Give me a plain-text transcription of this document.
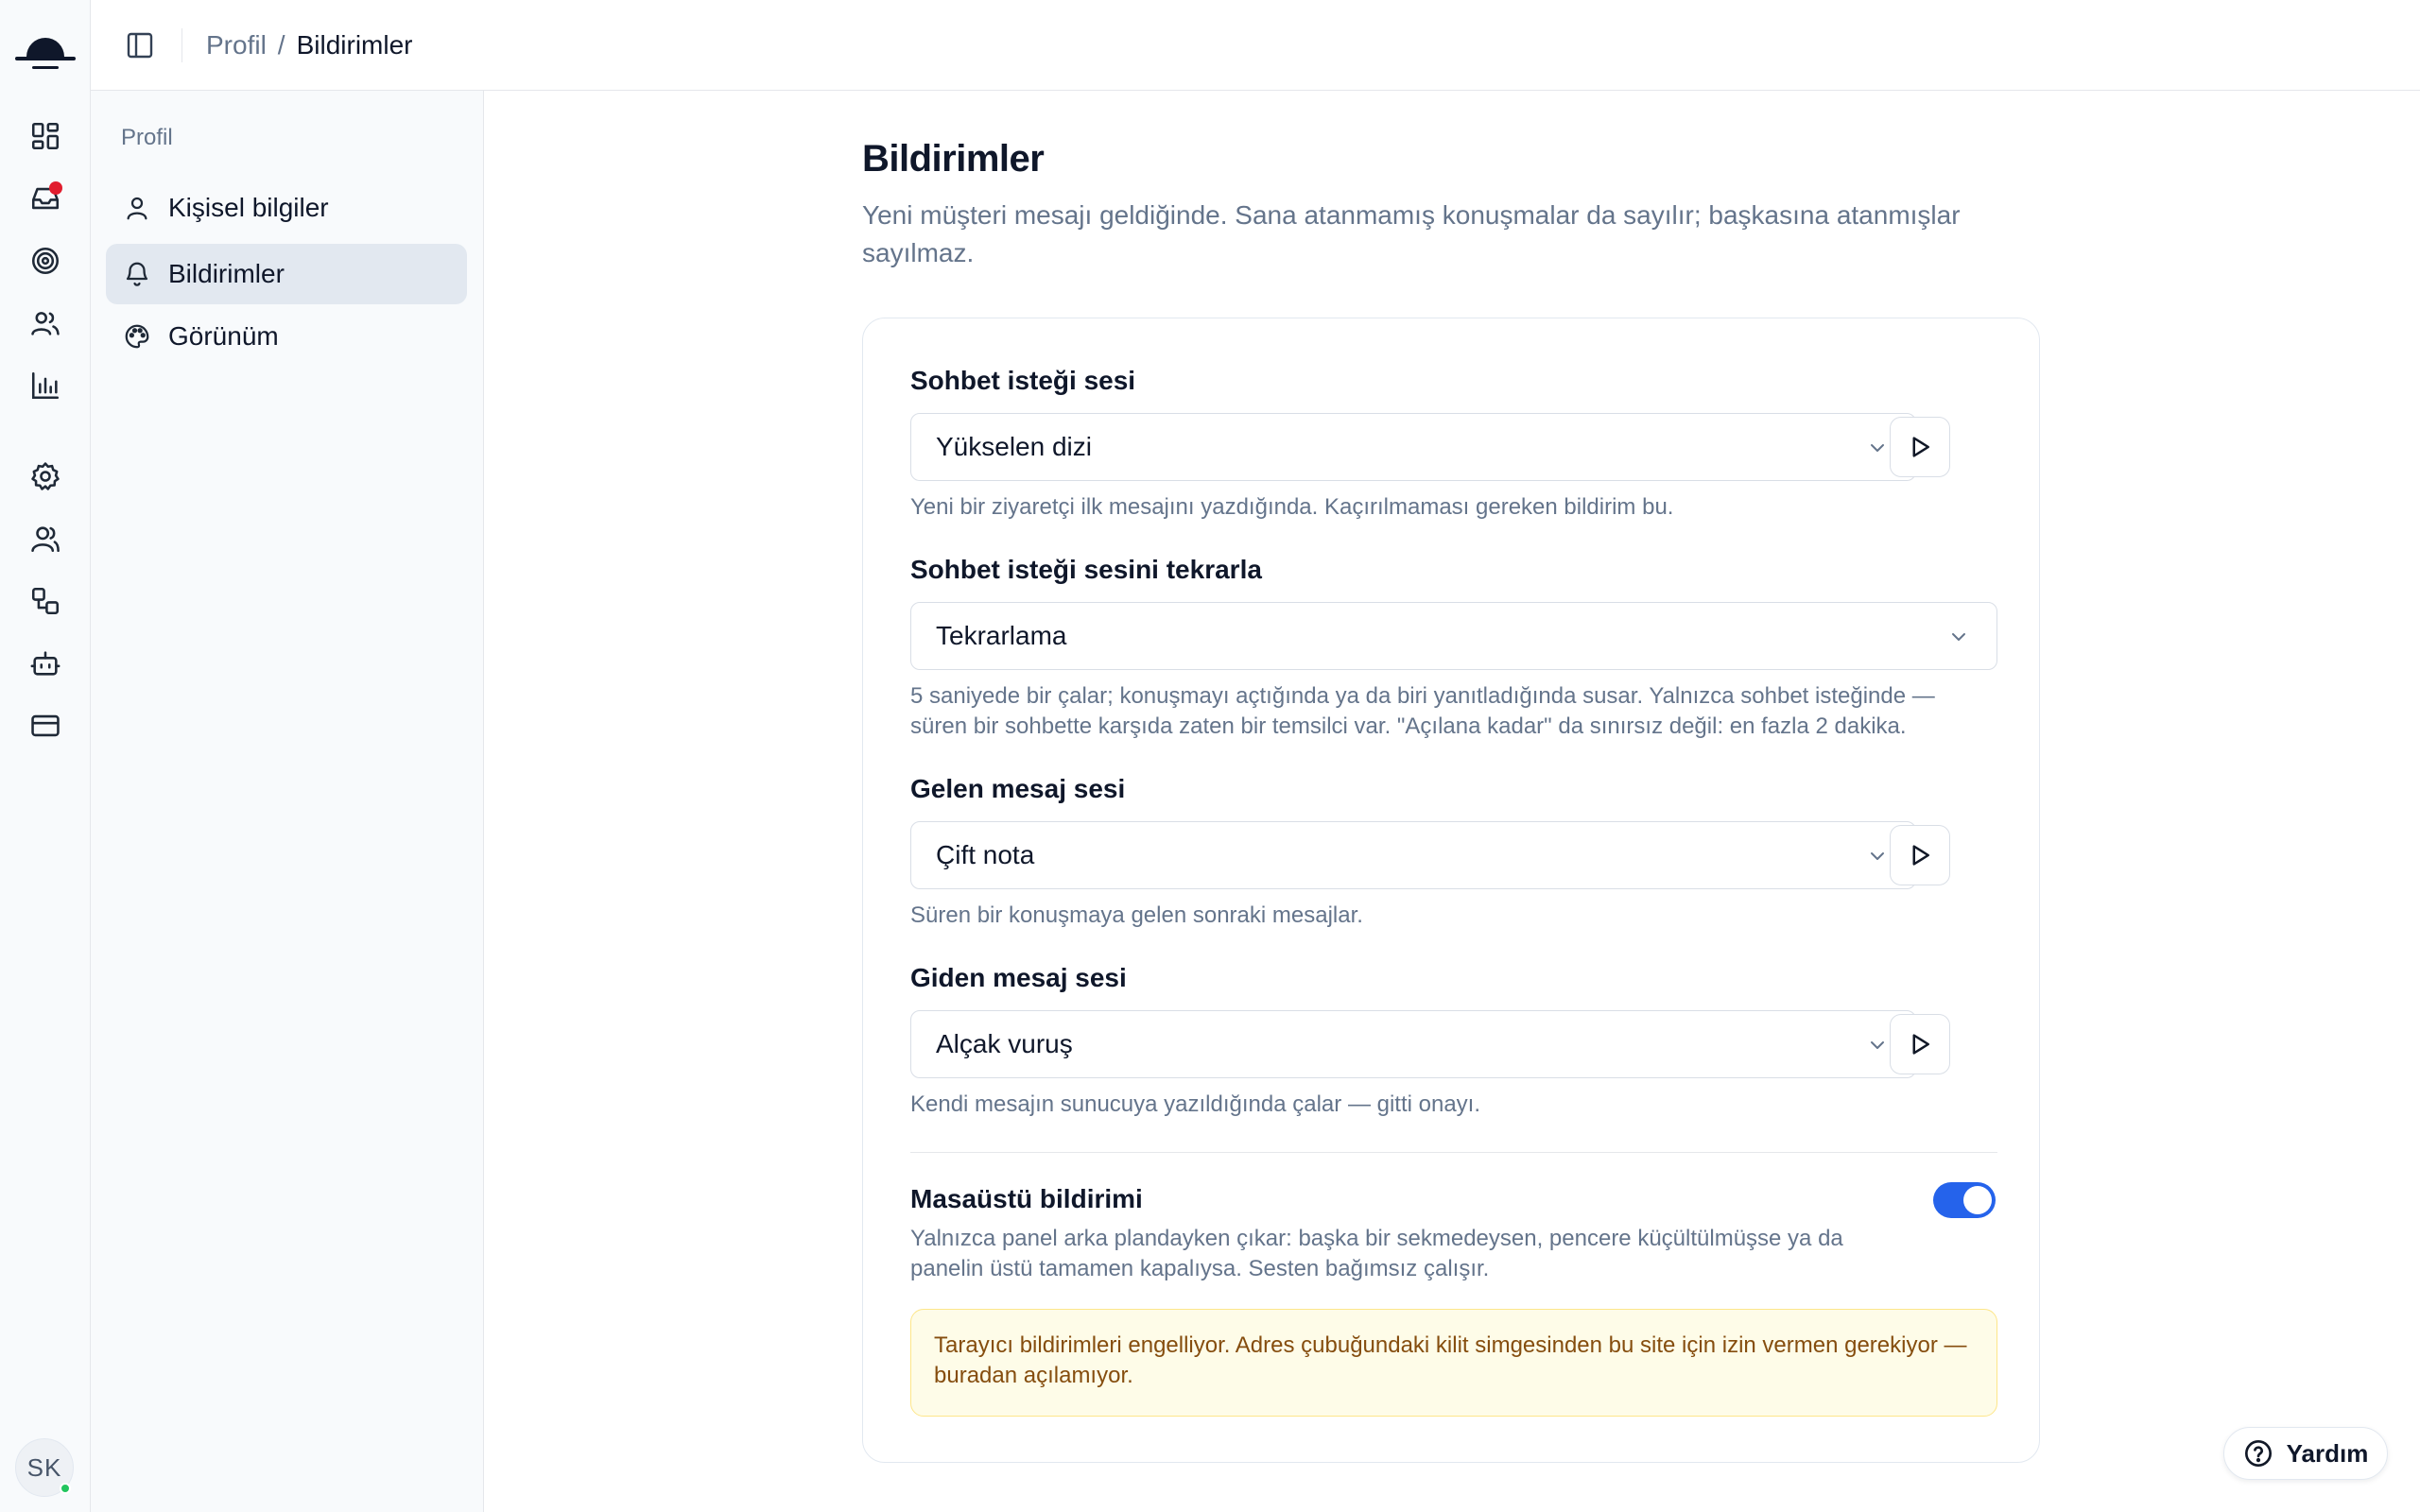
SK
Profil / Bildirimler
Profil
Kişisel bilgiler
Bildirimler
Görünüm
Bildirimler

Yeni müşteri mesajı geldiğinde. Sana atanmamış konuşmalar da sayılır; başkasına atanmışlar sayılmaz.

Sohbet isteği sesi
Yükselen dizi
Yeni bir ziyaretçi ilk mesajını yazdığında. Kaçırılmaması gereken bildirim bu.
Sohbet isteği sesini tekrarla
Tekrarlama
5 saniyede bir çalar; konuşmayı açtığında ya da biri yanıtladığında susar. Yalnızca sohbet isteğinde —
süren bir sohbette karşıda zaten bir temsilci var. "Açılana kadar" da sınırsız değil: en fazla 2 dakika.
Gelen mesaj sesi
Çift nota
Süren bir konuşmaya gelen sonraki mesajlar.
Giden mesaj sesi
Alçak vuruş
Kendi mesajın sunucuya yazıldığında çalar — gitti onayı.
Masaüstü bildirimi
Yalnızca panel arka plandayken çıkar: başka bir sekmedeysen, pencere küçültülmüşse ya da panelin üstü tamamen kapalıysa. Sesten bağımsız çalışır.
Tarayıcı bildirimleri engelliyor. Adres çubuğundaki kilit simgesinden bu site için izin vermen gerekiyor — buradan açılamıyor.
Yardım
